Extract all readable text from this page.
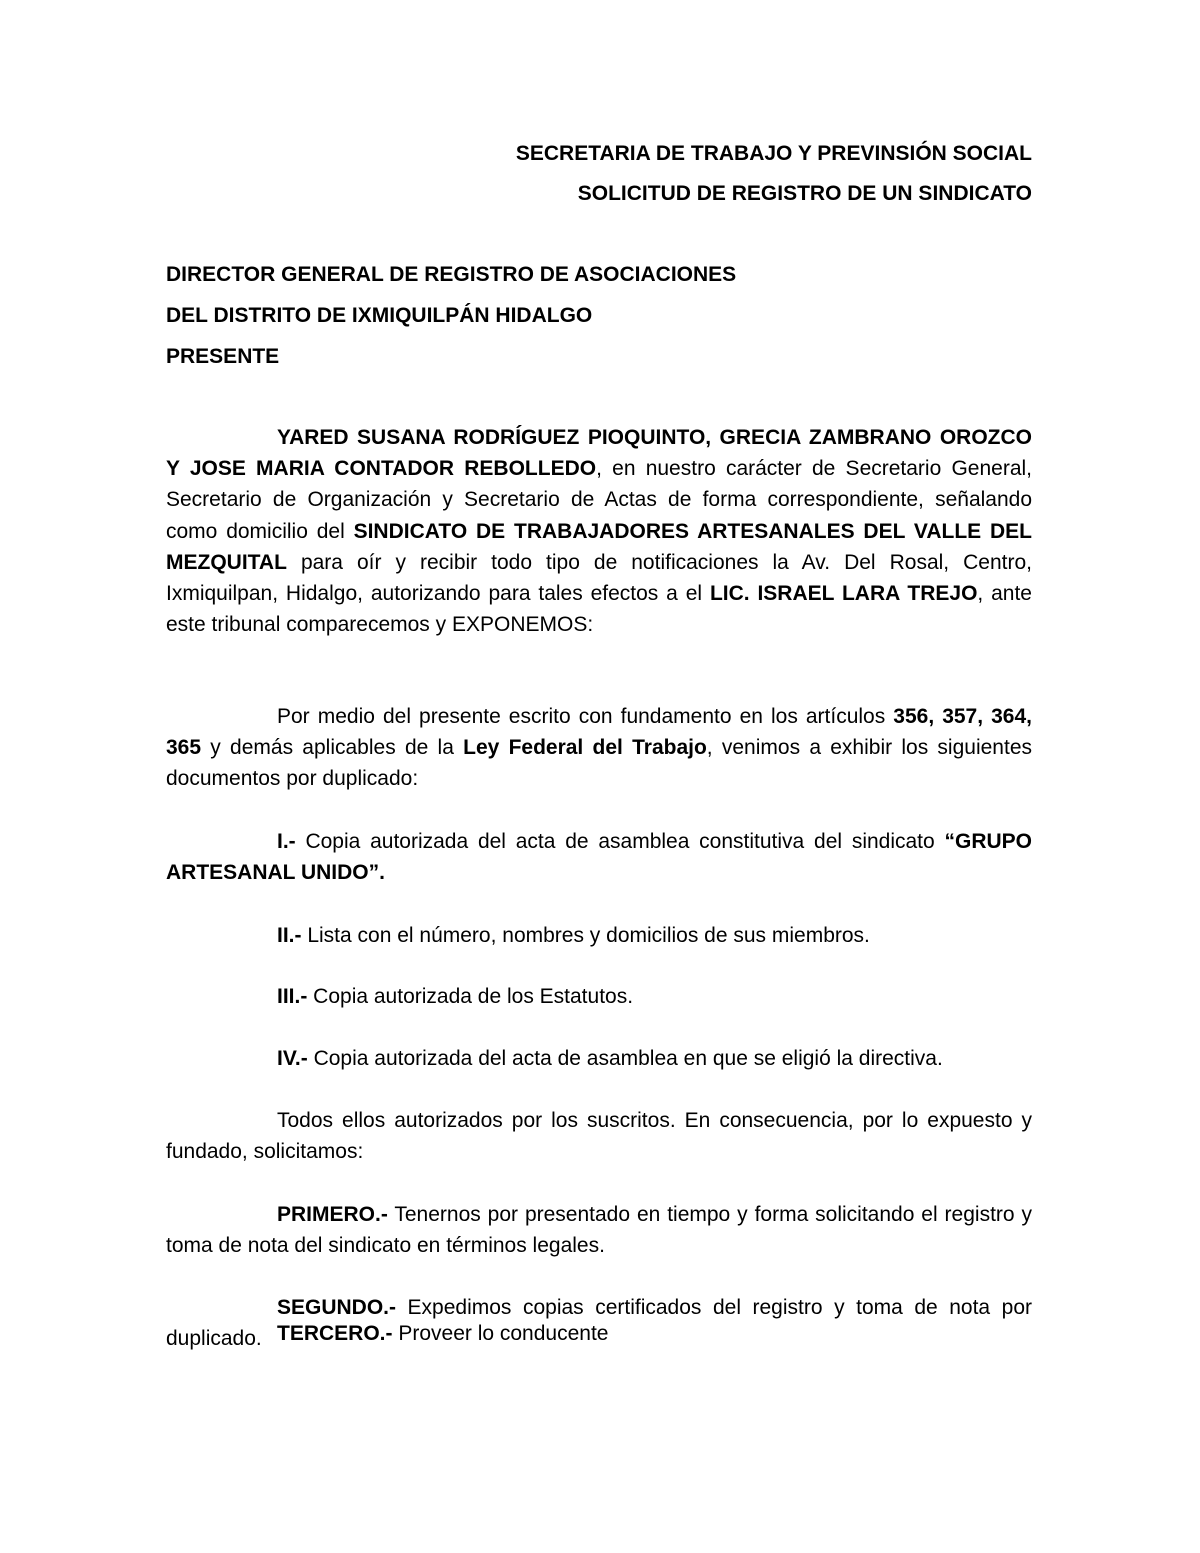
SECRETARIA DE TRABAJO Y PREVINSIÓN SOCIAL
SOLICITUD DE REGISTRO DE UN SINDICATO
DIRECTOR GENERAL DE REGISTRO DE ASOCIACIONES
DEL DISTRITO DE IXMIQUILPÁN HIDALGO
PRESENTE

YARED SUSANA RODRÍGUEZ PIOQUINTO, GRECIA ZAMBRANO OROZCO Y JOSE MARIA CONTADOR REBOLLEDO, en nuestro carácter de Secretario General, Secretario de Organización y Secretario de Actas de forma correspondiente, señalando como domicilio del SINDICATO DE TRABAJADORES ARTESANALES DEL VALLE DEL MEZQUITAL para oír y recibir todo tipo de notificaciones la Av. Del Rosal, Centro, Ixmiquilpan, Hidalgo, autorizando para tales efectos a el LIC. ISRAEL LARA TREJO, ante este tribunal comparecemos y EXPONEMOS:

Por medio del presente escrito con fundamento en los artículos 356, 357, 364, 365 y demás aplicables de la Ley Federal del Trabajo, venimos a exhibir los siguientes documentos por duplicado:

I.- Copia autorizada del acta de asamblea constitutiva del sindicato “GRUPO ARTESANAL UNIDO”.

II.- Lista con el número, nombres y domicilios de sus miembros.
III.- Copia autorizada de los Estatutos.
IV.- Copia autorizada del acta de asamblea en que se eligió la directiva.

Todos ellos autorizados por los suscritos. En consecuencia, por lo expuesto y fundado, solicitamos:

PRIMERO.- Tenernos por presentado en tiempo y forma solicitando el registro y toma de nota del sindicato en términos legales.

SEGUNDO.- Expedimos copias certificados del registro y toma de nota por duplicado. TERCERO.- Proveer lo conducente
